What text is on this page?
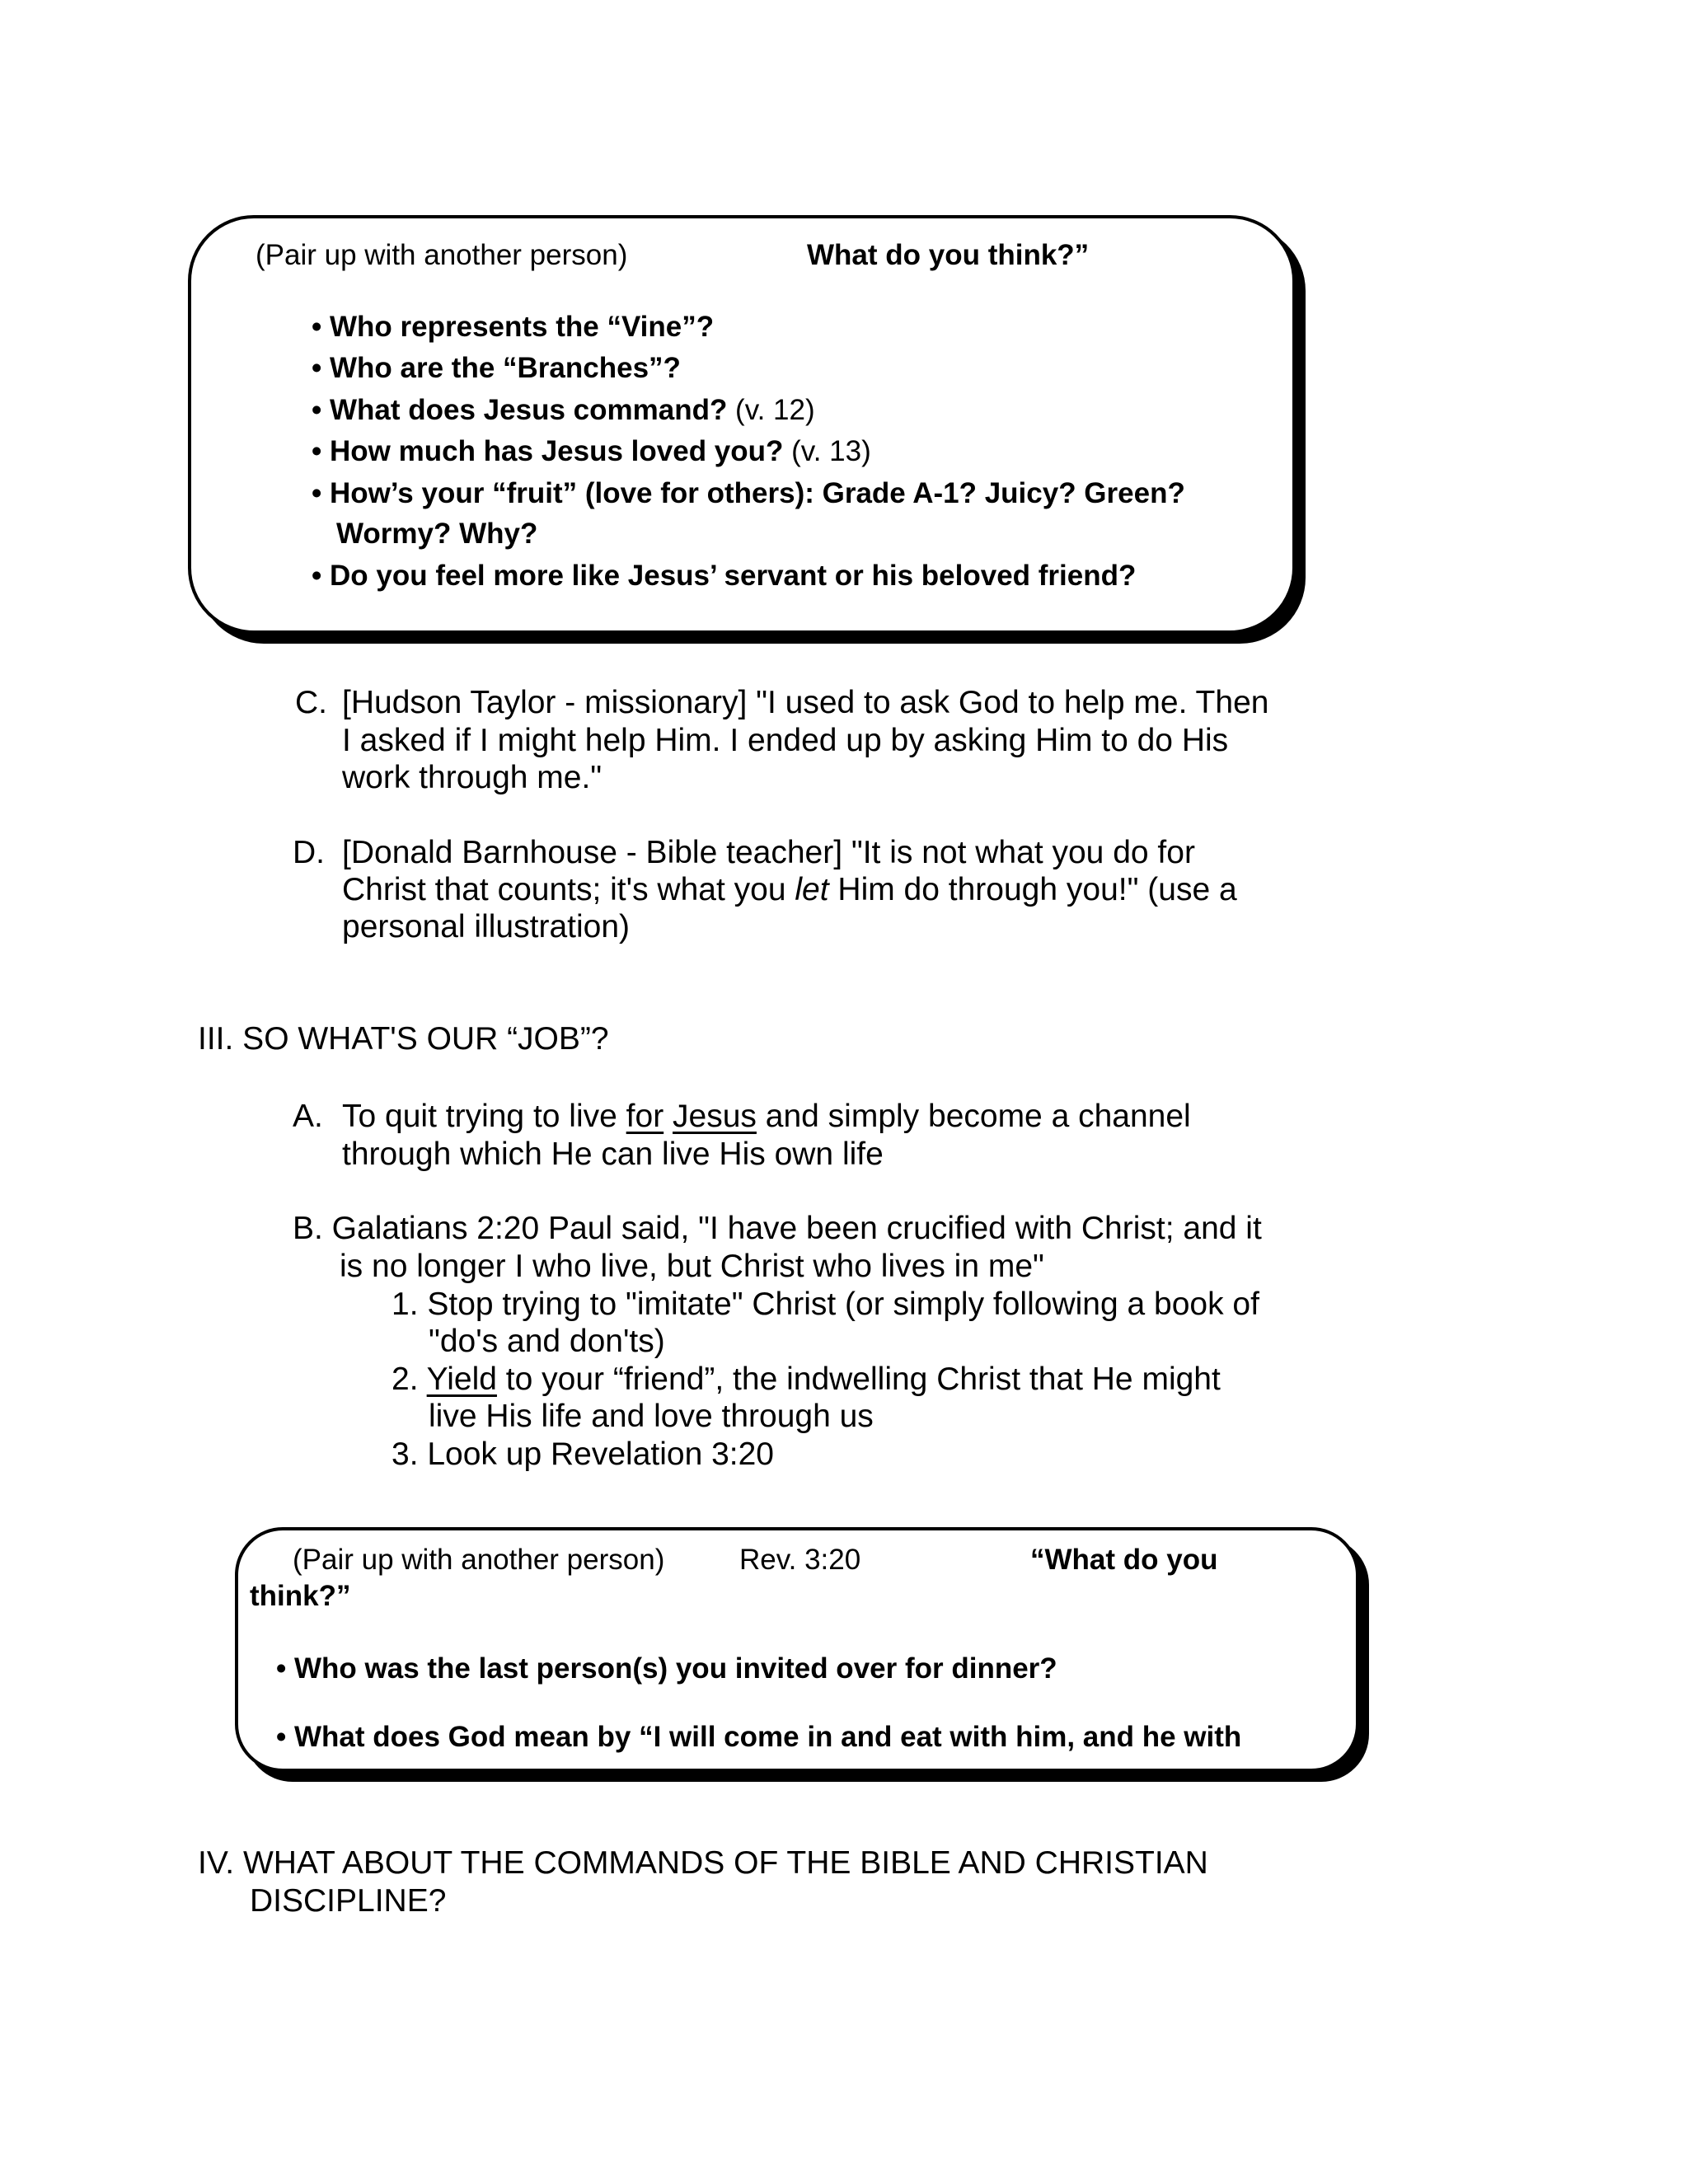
(Pair up with another person)	What do you think?”
• Who represents the “Vine”?
• Who are the “Branches”?
• What does Jesus command? (v. 12)
• How much has Jesus loved you? (v. 13)
• How’s your “fruit” (love for others): Grade A-1? Juicy? Green?
Wormy? Why?
• Do you feel more like Jesus’ servant or his beloved friend?
C. [Hudson Taylor - missionary] "I used to ask God to help me. Then
I asked if I might help Him. I ended up by asking Him to do His
work through me."
D. [Donald Barnhouse - Bible teacher] "It is not what you do for
Christ that counts; it's what you let Him do through you!" (use a
personal illustration)
III. SO WHAT'S OUR “JOB”?
A. To quit trying to live for Jesus and simply become a channel
through which He can live His own life
B. Galatians 2:20 Paul said, "I have been crucified with Christ; and it
is no longer I who live, but Christ who lives in me"
1. Stop trying to "imitate" Christ (or simply following a book of
"do's and don'ts)
2. Yield to your “friend”, the indwelling Christ that He might
live His life and love through us
3. Look up Revelation 3:20
(Pair up with another person)	Rev. 3:20	“What do you
think?”
• Who was the last person(s) you invited over for dinner?
• What does God mean by “I will come in and eat with him, and he with
IV. WHAT ABOUT THE COMMANDS OF THE BIBLE AND CHRISTIAN
DISCIPLINE?
